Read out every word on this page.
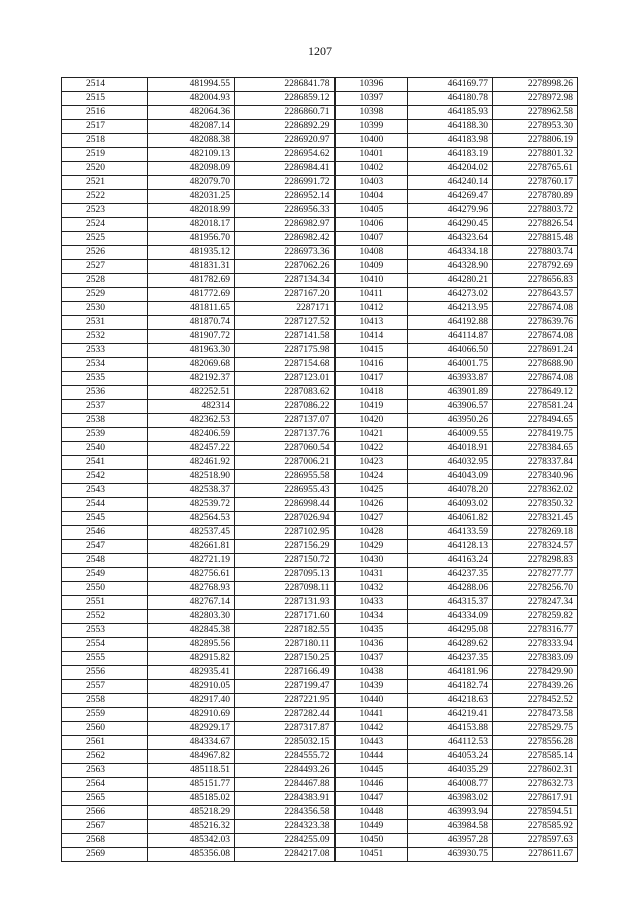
1207
2514	481994.55	2286841.78	10396	464169.77	2278998.26
2515	482004.93	2286859.12	10397	464180.78	2278972.98
2516	482064.36	2286860.71	10398	464185.93	2278962.58
2517	482087.14	2286892.29	10399	464188.30	2278953.30
2518	482088.38	2286920.97	10400	464183.98	2278806.19
2519	482109.13	2286954.62	10401	464183.19	2278801.32
2520	482098.09	2286984.41	10402	464204.02	2278765.61
2521	482079.70	2286991.72	10403	464240.14	2278760.17
2522	482031.25	2286952.14	10404	464269.47	2278780.89
2523	482018.99	2286956.33	10405	464279.96	2278803.72
2524	482018.17	2286982.97	10406	464290.45	2278826.54
2525	481956.70	2286982.42	10407	464323.64	2278815.48
2526	481935.12	2286973.36	10408	464334.18	2278803.74
2527	481831.31	2287062.26	10409	464328.90	2278792.69
2528	481782.69	2287134.34	10410	464280.21	2278656.83
2529	481772.69	2287167.20	10411	464273.02	2278643.57
2530	481811.65	2287171	10412	464213.95	2278674.08
2531	481870.74	2287127.52	10413	464192.88	2278639.76
2532	481907.72	2287141.58	10414	464114.87	2278674.08
2533	481963.30	2287175.98	10415	464066.50	2278691.24
2534	482069.68	2287154.68	10416	464001.75	2278688.90
2535	482192.37	2287123.01	10417	463933.87	2278674.08
2536	482252.51	2287083.62	10418	463901.89	2278649.12
2537	482314	2287086.22	10419	463906.57	2278581.24
2538	482362.53	2287137.07	10420	463950.26	2278494.65
2539	482406.59	2287137.76	10421	464009.55	2278419.75
2540	482457.22	2287060.54	10422	464018.91	2278384.65
2541	482461.92	2287006.21	10423	464032.95	2278337.84
2542	482518.90	2286955.58	10424	464043.09	2278340.96
2543	482538.37	2286955.43	10425	464078.20	2278362.02
2544	482539.72	2286998.44	10426	464093.02	2278350.32
2545	482564.53	2287026.94	10427	464061.82	2278321.45
2546	482537.45	2287102.95	10428	464133.59	2278269.18
2547	482661.81	2287156.29	10429	464128.13	2278324.57
2548	482721.19	2287150.72	10430	464163.24	2278298.83
2549	482756.61	2287095.13	10431	464237.35	2278277.77
2550	482768.93	2287098.11	10432	464288.06	2278256.70
2551	482767.14	2287131.93	10433	464315.37	2278247.34
2552	482803.30	2287171.60	10434	464334.09	2278259.82
2553	482845.38	2287182.55	10435	464295.08	2278316.77
2554	482895.56	2287180.11	10436	464289.62	2278333.94
2555	482915.82	2287150.25	10437	464237.35	2278383.09
2556	482935.41	2287166.49	10438	464181.96	2278429.90
2557	482910.05	2287199.47	10439	464182.74	2278439.26
2558	482917.40	2287221.95	10440	464218.63	2278452.52
2559	482910.69	2287282.44	10441	464219.41	2278473.58
2560	482929.17	2287317.87	10442	464153.88	2278529.75
2561	484334.67	2285032.15	10443	464112.53	2278556.28
2562	484967.82	2284555.72	10444	464053.24	2278585.14
2563	485118.51	2284493.26	10445	464035.29	2278602.31
2564	485151.77	2284467.88	10446	464008.77	2278632.73
2565	485185.02	2284383.91	10447	463983.02	2278617.91
2566	485218.29	2284356.58	10448	463993.94	2278594.51
2567	485216.32	2284323.38	10449	463984.58	2278585.92
2568	485342.03	2284255.09	10450	463957.28	2278597.63
2569	485356.08	2284217.08	10451	463930.75	2278611.67
